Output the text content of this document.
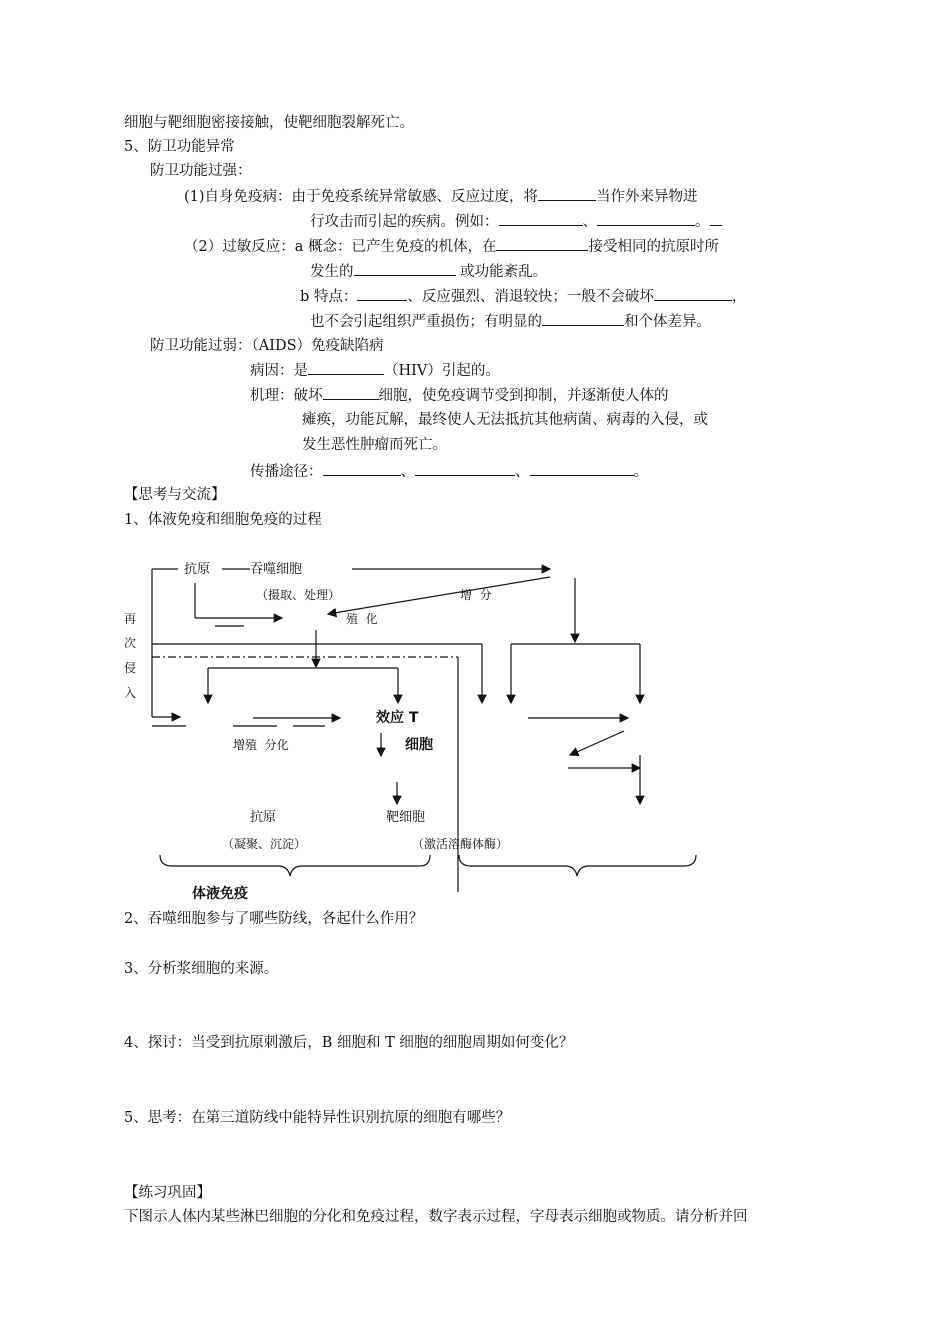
细胞与靶细胞密接接触，使靶细胞裂解死亡。
5、防卫功能异常
防卫功能过强：
(1)自身免疫病：由于免疫系统异常敏感、反应过度，将	当作外来异物进
行攻击而引起的疾病。例如：	、	。
（2）过敏反应：a 概念：已产生免疫的机体，在	接受相同的抗原时所
发生的	或功能紊乱。
b 特点：	、反应强烈、消退较快；一般不会破坏	，
也不会引起组织严重损伤；有明显的	和个体差异。
防卫功能过弱：（AIDS）免疫缺陷病
病因：是	（HIV）引起的。
机理：破坏	细胞，使免疫调节受到抑制，并逐渐使人体的
瘫痪，功能瓦解，最终使人无法抵抗其他病菌、病毒的入侵，或
发生恶性肿瘤而死亡。
传播途径：	、	、	。
【思考与交流】
1、体液免疫和细胞免疫的过程
抗原	吞噬细胞
（摄取、处理）	增  分
殖  化
再
次
侵
入
增殖  分化
效应 T
细胞
抗原	靶细胞
（凝聚、沉淀）	（激活溶酶体酶）
体液免疫
2、吞噬细胞参与了哪些防线，各起什么作用？
3、分析浆细胞的来源。
4、探讨：当受到抗原刺激后，B 细胞和 T 细胞的细胞周期如何变化？
5、思考：在第三道防线中能特异性识别抗原的细胞有哪些？
【练习巩固】
下图示人体内某些淋巴细胞的分化和免疫过程，数字表示过程，字母表示细胞或物质。请分析并回
